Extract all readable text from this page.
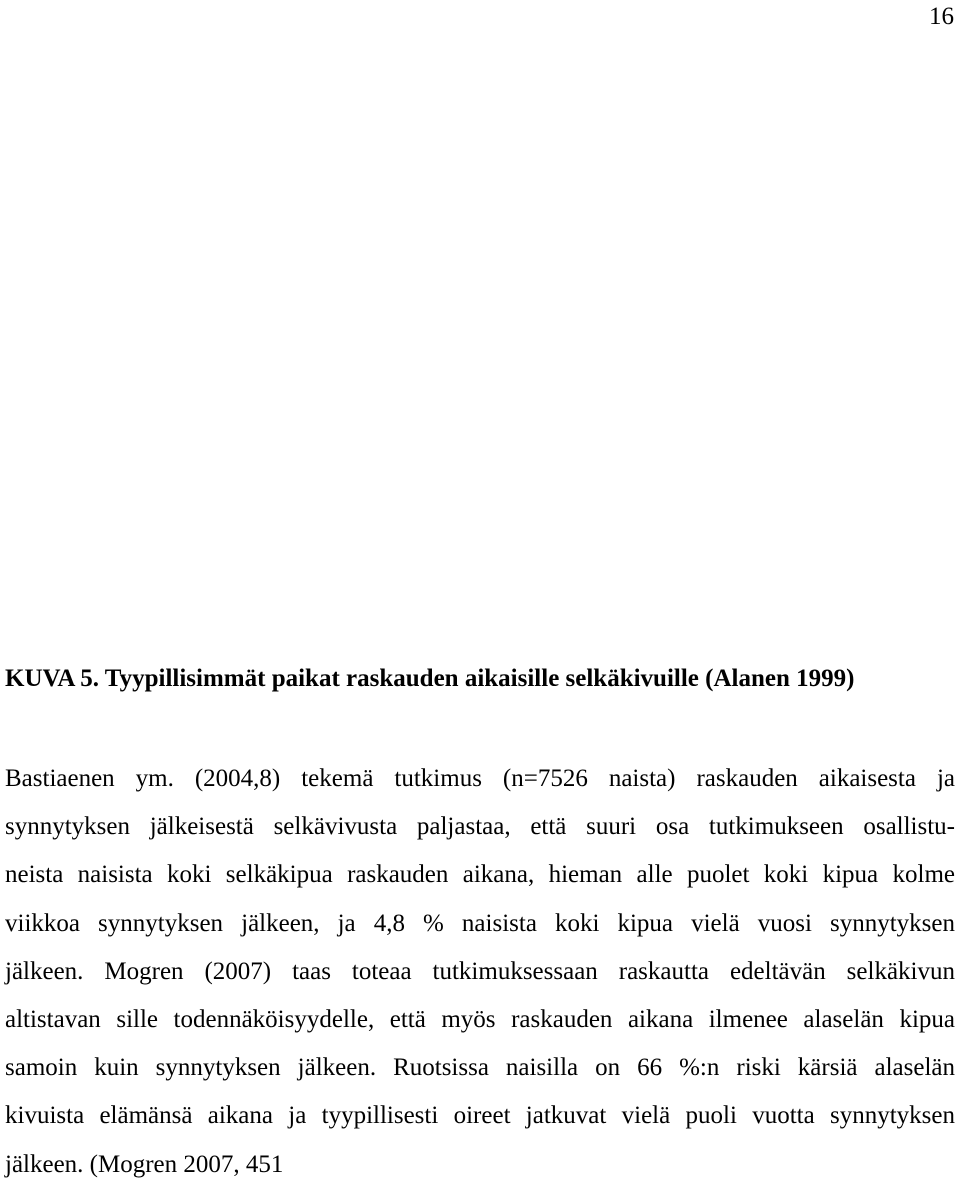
16
KUVA 5. Tyypillisimmät paikat raskauden aikaisille selkäkivuille (Alanen 1999)
Bastiaenen ym. (2004,8) tekemä tutkimus (n=7526 naista) raskauden aikaisesta ja
synnytyksen jälkeisestä selkävivusta paljastaa, että suuri osa tutkimukseen osallistu-
neista naisista koki selkäkipua raskauden aikana, hieman alle puolet koki kipua kolme
viikkoa synnytyksen jälkeen, ja 4,8 % naisista koki kipua vielä vuosi synnytyksen
jälkeen. Mogren (2007) taas toteaa tutkimuksessaan raskautta edeltävän selkäkivun
altistavan sille todennäköisyydelle, että myös raskauden aikana ilmenee alaselän kipua
samoin kuin synnytyksen jälkeen. Ruotsissa naisilla on 66 %:n riski kärsiä alaselän
kivuista elämänsä aikana ja tyypillisesti oireet jatkuvat vielä puoli vuotta synnytyksen
jälkeen. (Mogren 2007, 451
